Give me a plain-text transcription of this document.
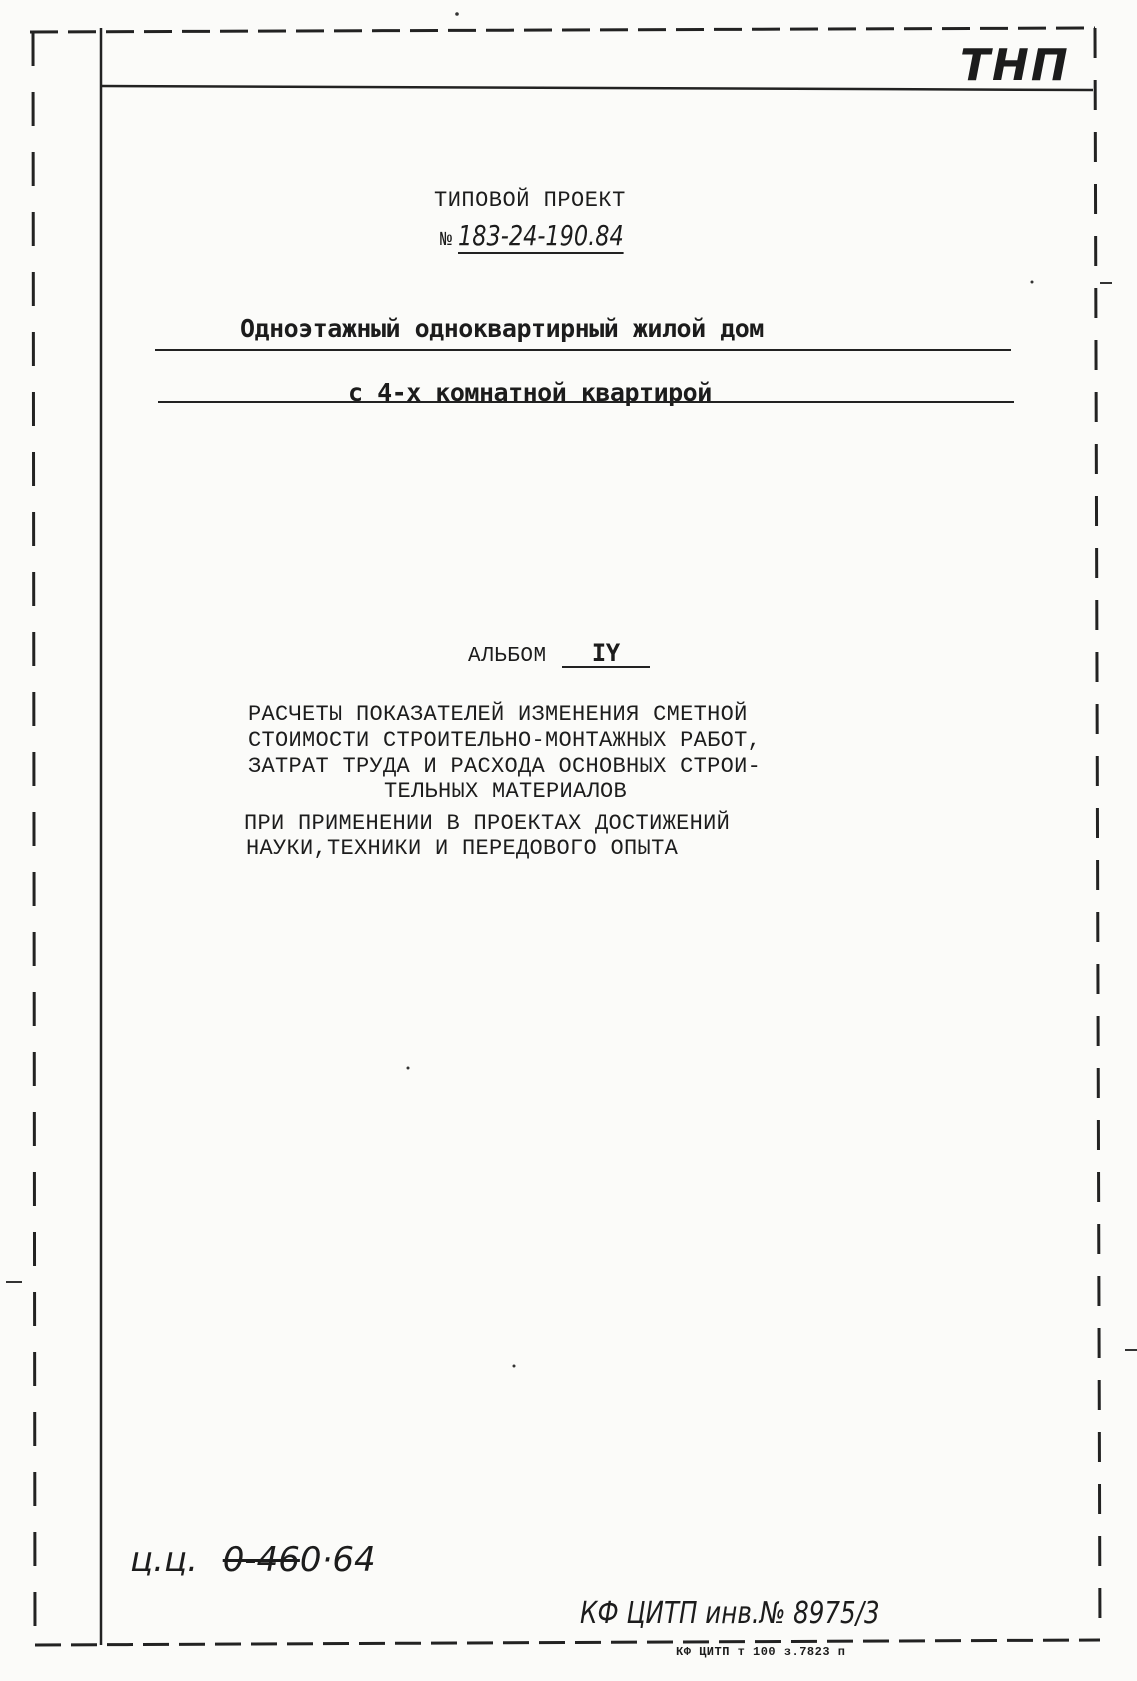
ТНП
ТИПОВОЙ ПРОЕКТ
№ 183-24-190.84
Одноэтажный одноквартирный жилой дом
с 4-х комнатной квартирой
АЛЬБОМ IY
РАСЧЕТЫ ПОКАЗАТЕЛЕЙ ИЗМЕНЕНИЯ СМЕТНОЙ
СТОИМОСТИ СТРОИТЕЛЬНО-МОНТАЖНЫХ РАБОТ,
ЗАТРАТ ТРУДА И РАСХОДА ОСНОВНЫХ СТРОИ-
ТЕЛЬНЫХ МАТЕРИАЛОВ
ПРИ ПРИМЕНЕНИИ В ПРОЕКТАХ ДОСТИЖЕНИЙ
НАУКИ,ТЕХНИКИ И ПЕРЕДОВОГО ОПЫТА
ц.ц. 0-460·64
КФ ЦИТП инв.№ 8975/3
КФ ЦИТП т 100 з.7823 п
